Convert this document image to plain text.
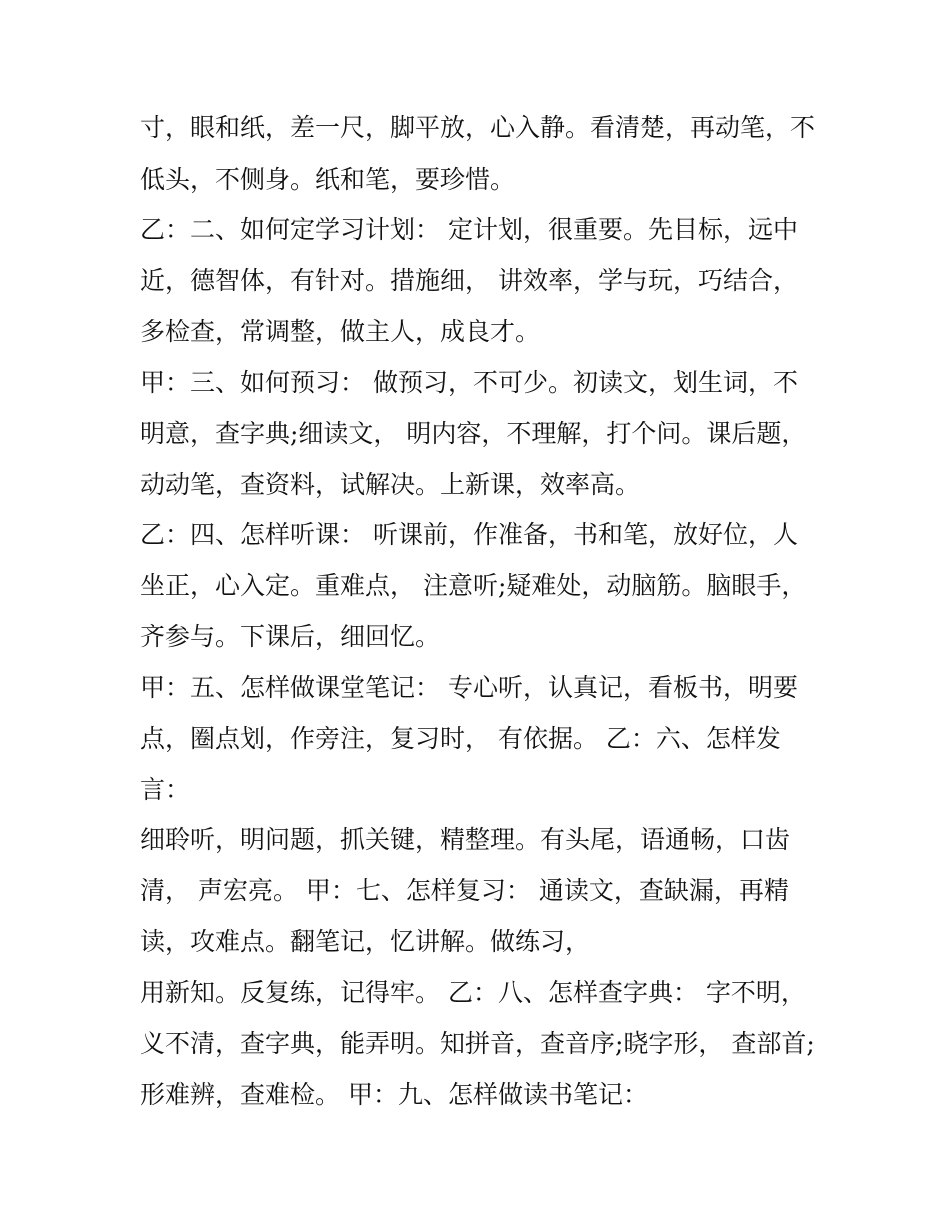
寸，眼和纸，差一尺，脚平放，心入静。看清楚，再动笔，不
低头，不侧身。纸和笔，要珍惜。
乙：二、如何定学习计划： 定计划，很重要。先目标，远中
近，德智体，有针对。措施细， 讲效率，学与玩，巧结合，
多检查，常调整，做主人，成良才。
甲：三、如何预习： 做预习，不可少。初读文，划生词，不
明意，查字典;细读文， 明内容，不理解，打个问。课后题，
动动笔，查资料，试解决。上新课，效率高。
乙：四、怎样听课： 听课前，作准备，书和笔，放好位，人
坐正，心入定。重难点， 注意听;疑难处，动脑筋。脑眼手，
齐参与。下课后，细回忆。
甲：五、怎样做课堂笔记： 专心听，认真记，看板书，明要
点，圈点划，作旁注，复习时， 有依据。 乙：六、怎样发
言：
细聆听，明问题，抓关键，精整理。有头尾，语通畅，口齿
清， 声宏亮。 甲：七、怎样复习： 通读文，查缺漏，再精
读，攻难点。翻笔记，忆讲解。做练习，
用新知。反复练，记得牢。 乙：八、怎样查字典： 字不明，
义不清，查字典，能弄明。知拼音，查音序;晓字形， 查部首;
形难辨，查难检。 甲：九、怎样做读书笔记：
